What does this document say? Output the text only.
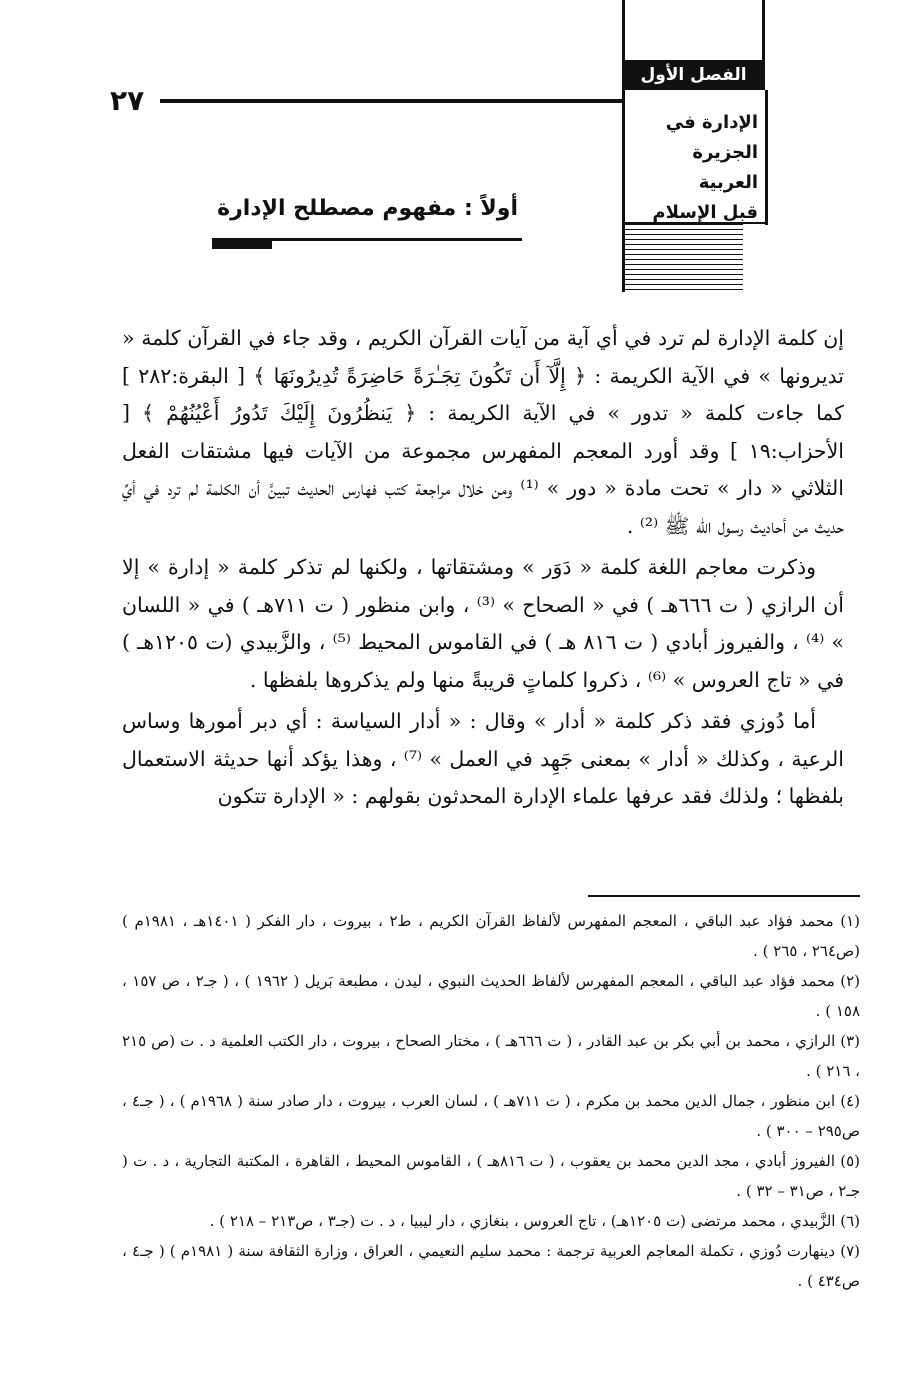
٢٧
الفصل الأول
الإدارة في
الجزيرة العربية
قبل الإسلام
أولاً : مفهوم مصطلح الإدارة

إن كلمة الإدارة لم ترد في أي آية من آيات القرآن الكريم ، وقد جاء في القرآن كلمة « تديرونها » في الآية الكريمة : ﴿ إِلَّآ أَن تَكُونَ تِجَـٰرَةً حَاضِرَةً تُدِيرُونَهَا ﴾ [ البقرة:٢٨٢ ] كما جاءت كلمة « تدور » في الآية الكريمة : ﴿ يَنظُرُونَ إِلَيْكَ تَدُورُ أَعْيُنُهُمْ ﴾ [ الأحزاب:١٩ ] وقد أورد المعجم المفهرس مجموعة من الآيات فيها مشتقات الفعل الثلاثي « دار » تحت مادة « دور » ⁽¹⁾ ومن خلال مراجعة كتب فهارس الحديث تبينَّ أن الكلمة لم ترد في أيِّ حديث من أحاديث رسول الله ﷺ ⁽²⁾ .

وذكرت معاجم اللغة كلمة « دَوَر » ومشتقاتها ، ولكنها لم تذكر كلمة « إدارة » إلا أن الرازي ( ت ٦٦٦هـ ) في « الصحاح » ⁽³⁾ ، وابن منظور ( ت ٧١١هـ ) في « اللسان » ⁽⁴⁾ ، والفيروز أبادي ( ت ٨١٦ هـ ) في القاموس المحيط ⁽⁵⁾ ، والزَّبيدي (ت ١٢٠٥هـ ) في « تاج العروس » ⁽⁶⁾ ، ذكروا كلماتٍ قريبةً منها ولم يذكروها بلفظها .

أما دُوزي فقد ذكر كلمة « أدار » وقال : « أدار السياسة : أي دبر أمورها وساس الرعية ، وكذلك « أدار » بمعنى جَهِد في العمل » ⁽⁷⁾ ، وهذا يؤكد أنها حديثة الاستعمال بلفظها ؛ ولذلك فقد عرفها علماء الإدارة المحدثون بقولهم : « الإدارة تتكون

(١) محمد فؤاد عبد الباقي ، المعجم المفهرس لألفاظ القرآن الكريم ، ط٢ ، بيروت ، دار الفكر ( ١٤٠١هـ ، ١٩٨١م ) (ص٢٦٤ ، ٢٦٥ ) .

(٢) محمد فؤاد عبد الباقي ، المعجم المفهرس لألفاظ الحديث النبوي ، ليدن ، مطبعة بَريل ( ١٩٦٢ ) ، ( جـ٢ ، ص ١٥٧ ، ١٥٨ ) .

(٣) الرازي ، محمد بن أبي بكر بن عبد القادر ، ( ت ٦٦٦هـ ) ، مختار الصحاح ، بيروت ، دار الكتب العلمية د . ت (ص ٢١٥ ، ٢١٦ ) .

(٤) ابن منظور ، جمال الدين محمد بن مكرم ، ( ت ٧١١هـ ) ، لسان العرب ، بيروت ، دار صادر سنة ( ١٩٦٨م ) ، ( جـ٤ ، ص٢٩٥ – ٣٠٠ ) .

(٥) الفيروز أبادي ، مجد الدين محمد بن يعقوب ، ( ت ٨١٦هـ ) ، القاموس المحيط ، القاهرة ، المكتبة التجارية ، د . ت ( جـ٢ ، ص٣١ – ٣٢ ) .

(٦) الزَّبيدي ، محمد مرتضى (ت ١٢٠٥هـ) ، تاج العروس ، بنغازي ، دار ليبيا ، د . ت (جـ٣ ، ص٢١٣ – ٢١٨ ) .

(٧) دينهارت دُوزي ، تكملة المعاجم العربية ترجمة : محمد سليم النعيمي ، العراق ، وزارة الثقافة سنة ( ١٩٨١م ) ( جـ٤ ، ص٤٣٤ ) .
